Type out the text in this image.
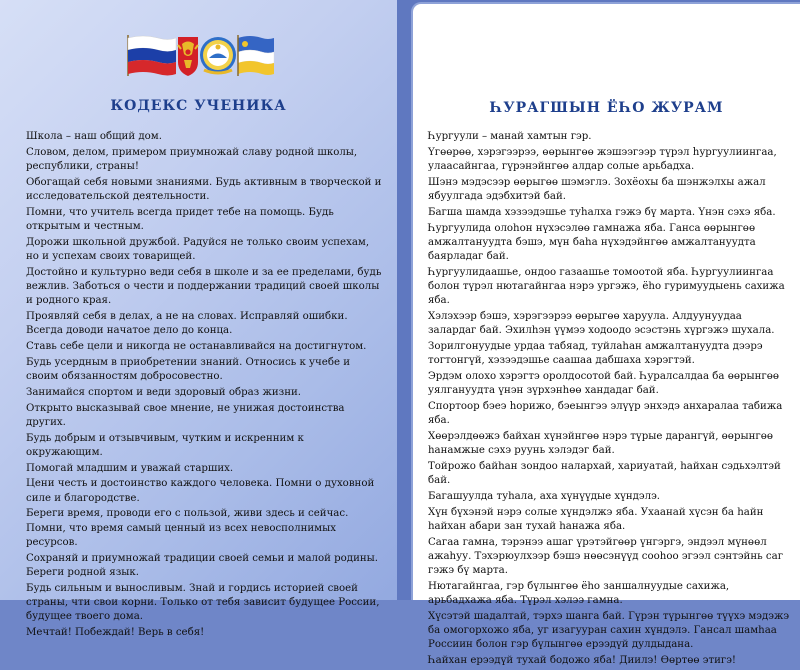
КОДЕКС УЧЕНИКА

Школа – наш общий дом.

Словом, делом, примером приумножай славу родной школы, республики, страны!

Обогащай себя новыми знаниями. Будь активным в творческой и исследовательской деятельности.

Помни, что учитель всегда придет тебе на помощь. Будь открытым и честным.

Дорожи школьной дружбой. Радуйся не только своим успехам, но и успехам своих товарищей.

Достойно и культурно веди себя в школе и за ее пределами, будь вежлив. Заботься о чести и поддержании традиций своей школы и родного края.

Проявляй себя в делах, а не на словах. Исправляй ошибки. Всегда доводи начатое дело до конца.

Ставь себе цели и никогда не останавливайся на достигнутом.

Будь усердным в приобретении знаний. Относись к учебе и своим обязанностям добросовестно.

Занимайся спортом и веди здоровый образ жизни.

Открыто высказывай свое мнение, не унижая достоинства других.

Будь добрым и отзывчивым, чутким и искренним к окружающим.

Помогай младшим и уважай старших.

Цени честь и достоинство каждого человека. Помни о духовной силе и благородстве.

Береги время, проводи его с пользой, живи здесь и сейчас. Помни, что время самый ценный из всех невосполнимых ресурсов.

Сохраняй и приумножай традиции своей семьи и малой родины. Береги родной язык.

Будь сильным и выносливым. Знай и гордись историей своей страны, чти свои корни. Только от тебя зависит будущее России, будущее твоего дома.

Мечтай! Побеждай! Верь в себя!

ҺУРАГШЫН ЁҺО ЖУРАМ

Һургуули – манай хамтын гэр.

Үгөөрөө, хэрэгээрээ, өөрынгөө жэшээгээр түрэл һургуулиингаа, улаасайнгаа, гүрэнэйнгөө алдар солые арьбадха.

Шэнэ мэдэсээр өөрыгөө шэмэглэ. Зохёохы ба шэнжэлхы ажал ябуулгада эдэбхитэй бай.

Багша шамда хэзээдэшье туһалха гэжэ бү марта. Үнэн сэхэ яба.

Һургуулида олоhон нүхэсэлөө гамнажа яба. Ганса өөрынгөө амжалтануудта бэшэ, мүн баhа нүхэдэйнгөө амжалтануудта баярладаг бай.

Һургуулидаашье, ондоо газаашье томоотой яба. Һургуулиингаа болон түрэл нютагайнгаа нэрэ ургэжэ, ёhо гуримуудыень сахижа яба.

Хэлэхээр бэшэ, хэрэгээрээ өөрыгөө харуула. Алдуунуудаа залардаг бай. Эхилhэн үүмээ ходоодо эсэстэнь хүргэжэ шухала.

Зорилгонуудые урдаа табяад, туйлаhан амжалтануудта дээрэ тогтонгүй, хэзээдэшье саашаа дабшаха хэрэгтэй.

Эрдэм олохо хэрэгтэ оролдосотой бай. Һуралсалдаа ба өөрынгөө уялгануудта үнэн зүрхэнhөө хандадаг бай.

Спортоор бэеэ һорижо, бэеынгээ элүүр энхэдэ анхаралаа табижа яба.

Хөөрэлдөөжэ байхан хүнэйнгөө нэрэ түрые дарангүй, өөрынгөө hанамжые сэхэ руунь хэлэдэг бай.

Тойрожо байhан зондоо налархай, хариуатай, hайхан сэдьхэлтэй бай.

Багашуулда туhала, аха хүнүүдые хүндэлэ.

Хүн бүхэнэй нэрэ солые хүндэлжэ яба. Ухаанай хүсэн ба hайн hайхан абари зан тухай hанажа яба.

Сагаа гамна, тэрэнээ ашаг үрэтэйгөөр үнгэргэ, эндээл мүнөөл ажаhуу. Тэхэрюулхээр бэшэ нөөсэнүүд соohоо эгээл сэнтэйнь саг гэжэ бү марта.

Нютагайнгаа, гэр бүлынгөө ёhо заншалнуудые сахижа, арьбадхажа яба. Түрэл хэлээ гамна.

Хүсэтэй шадалтай, тэрхэ шанга бай. Гүрэн түрынгөө түүхэ мэдэжэ ба омогорхожо яба, уг изагууран сахин хүндэлэ. Гансал шамhаа Россиин болон гэр бүлынгөө ерээдүй дулдыдана.

Һайхан ерээдүй тухай бодожо яба! Диилэ! Өөртөө этигэ!
